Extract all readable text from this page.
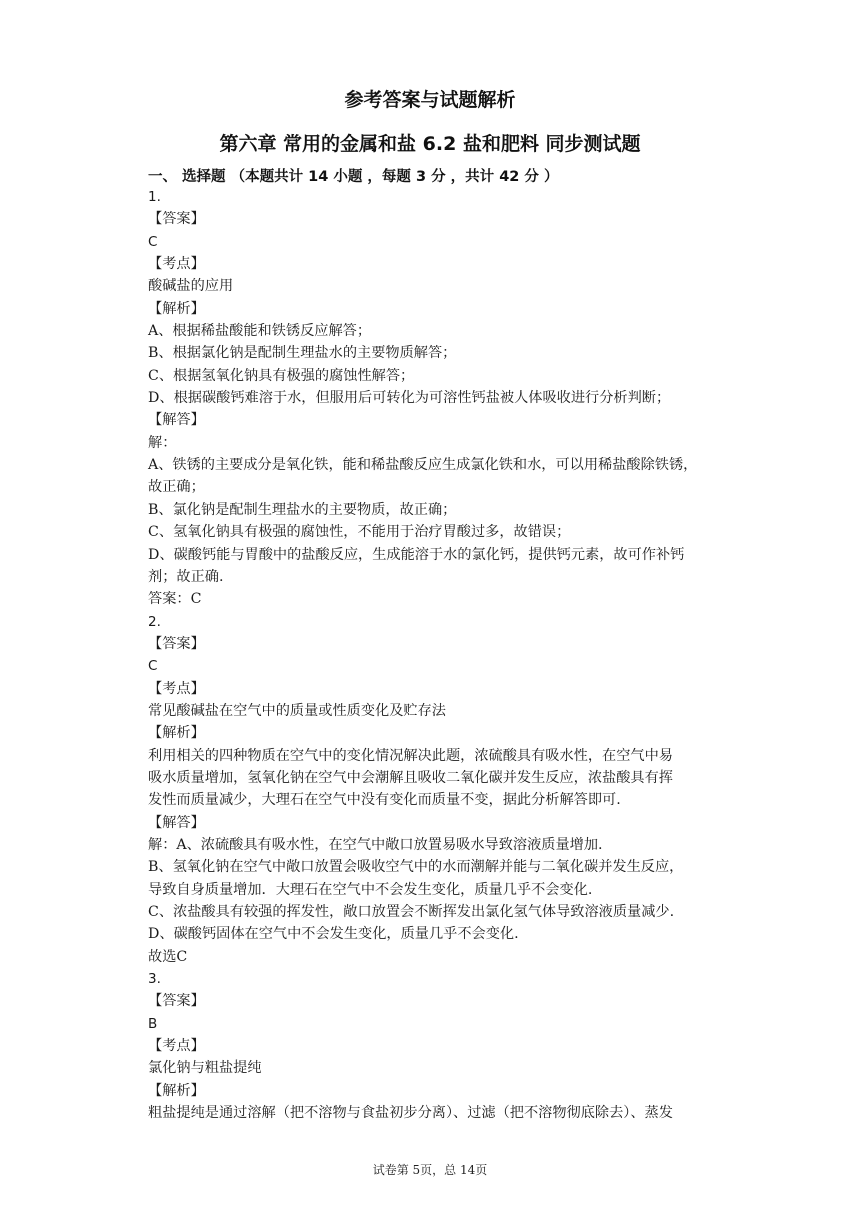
参考答案与试题解析
第六章 常用的金属和盐 6.2 盐和肥料 同步测试题
一、 选择题 （本题共计 14 小题 ，每题 3 分 ，共计 42 分 ）
1.
【答案】
C
【考点】
酸碱盐的应用
【解析】
A、根据稀盐酸能和铁锈反应解答；
B、根据氯化钠是配制生理盐水的主要物质解答；
C、根据氢氧化钠具有极强的腐蚀性解答；
D、根据碳酸钙难溶于水，但服用后可转化为可溶性钙盐被人体吸收进行分析判断；
【解答】
解：
A、铁锈的主要成分是氧化铁，能和稀盐酸反应生成氯化铁和水，可以用稀盐酸除铁锈，
故正确；
B、氯化钠是配制生理盐水的主要物质，故正确；
C、氢氧化钠具有极强的腐蚀性，不能用于治疗胃酸过多，故错误；
D、碳酸钙能与胃酸中的盐酸反应，生成能溶于水的氯化钙，提供钙元素，故可作补钙
剂；故正确.
答案：C
2.
【答案】
C
【考点】
常见酸碱盐在空气中的质量或性质变化及贮存法
【解析】
利用相关的四种物质在空气中的变化情况解决此题，浓硫酸具有吸水性，在空气中易
吸水质量增加，氢氧化钠在空气中会潮解且吸收二氧化碳并发生反应，浓盐酸具有挥
发性而质量减少，大理石在空气中没有变化而质量不变，据此分析解答即可.
【解答】
解：A、浓硫酸具有吸水性，在空气中敞口放置易吸水导致溶液质量增加.
B、氢氧化钠在空气中敞口放置会吸收空气中的水而潮解并能与二氧化碳并发生反应，
导致自身质量增加．大理石在空气中不会发生变化，质量几乎不会变化.
C、浓盐酸具有较强的挥发性，敞口放置会不断挥发出氯化氢气体导致溶液质量减少.
D、碳酸钙固体在空气中不会发生变化，质量几乎不会变化.
故选C
3.
【答案】
B
【考点】
氯化钠与粗盐提纯
【解析】
粗盐提纯是通过溶解（把不溶物与食盐初步分离）、过滤（把不溶物彻底除去）、蒸发
试卷第 5页，总 14页
